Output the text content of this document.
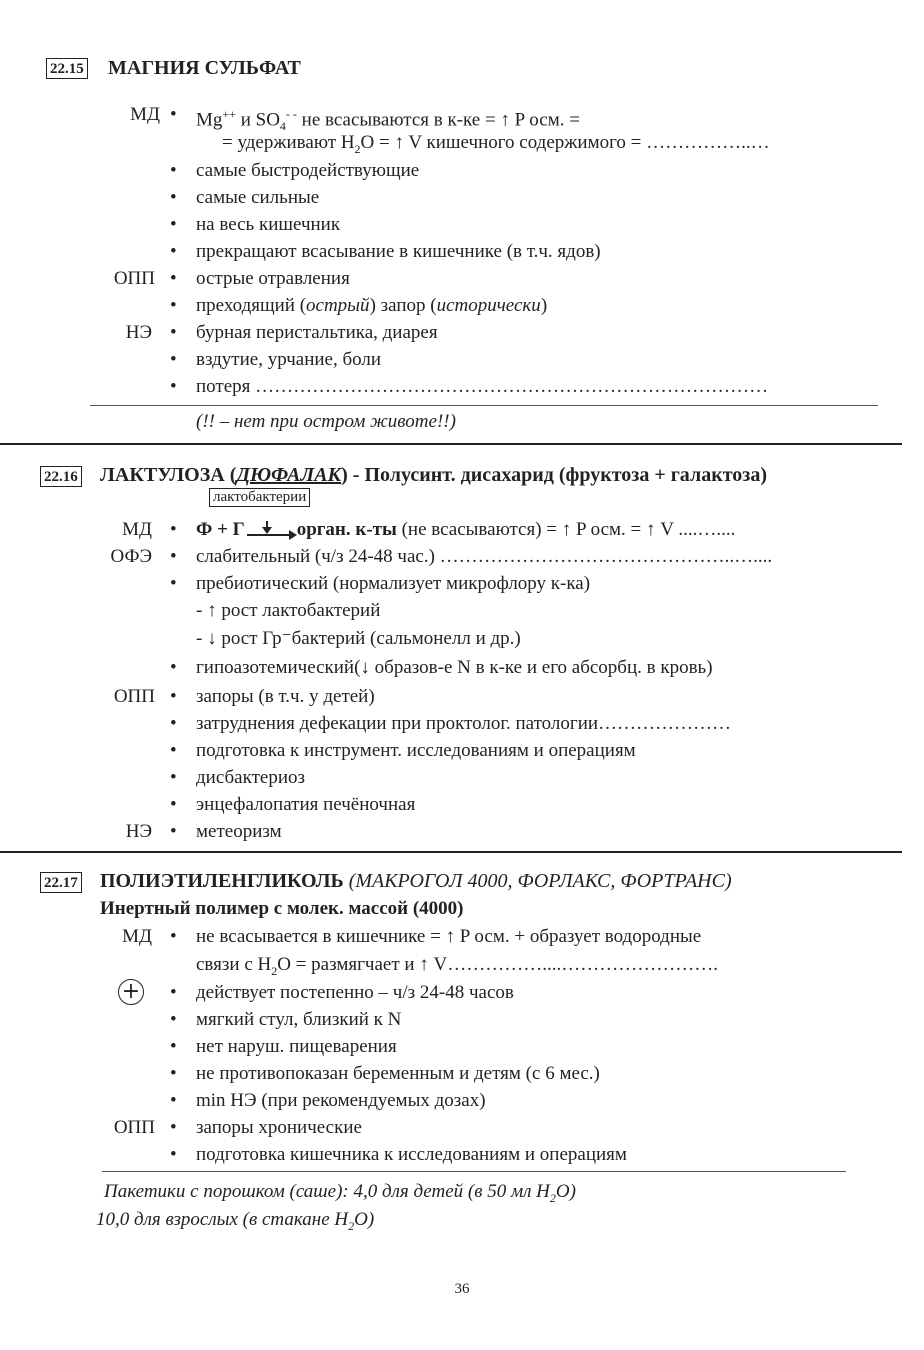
22.15 МАГНИЯ СУЛЬФАТ
МД • Mg++ и $SO_4^{- -}$ не всасываются в к-ке = ↑ P осм. =
= удерживают $H_2O$ = ↑ V кишечного содержимого = ……………..…
• самые быстродействующие
• самые сильные
• на весь кишечник
• прекращают всасывание в кишечнике (в т.ч. ядов)
ОПП • острые отравления
• преходящий (острый) запор (исторически)
НЭ • бурная перистальтика, диарея
• вздутие, урчание, боли
• потеря ………………………………………………………………………
(!! – нет при остром животе!!)
22.16 ЛАКТУЛОЗА (ДЮФАЛАК) - Полусинт. дисахарид (фруктоза + галактоза)
лактобактерии
МД • Ф + Г	орган. к-ты (не всасываются) = ↑ P осм. = ↑ V ....…....
ОФЭ • слабительный (ч/з 24-48 час.) ………………………………………..…....
• пребиотический (нормализует микрофлору к-ка)
- ↑ рост лактобактерий
- ↓ рост Гр⁻бактерий (сальмонелл и др.)
• гипоазотемический(↓ образов-е N в к-ке и его абсорбц. в кровь)
ОПП • запоры (в т.ч. у детей)
• затруднения дефекации при проктолог. патологии…………………
• подготовка к инструмент. исследованиям и операциям
• дисбактериоз
• энцефалопатия печёночная
НЭ • метеоризм
22.17 ПОЛИЭТИЛЕНГЛИКОЛЬ (МАКРОГОЛ 4000, ФОРЛАКС, ФОРТРАНС)
Инертный полимер с молек. массой (4000)
МД • не всасывается в кишечнике = ↑ P осм. + образует водородные
связи с $H_2O$ = размягчает и ↑ V……………....…………………….
+ • действует постепенно – ч/з 24-48 часов
• мягкий стул, близкий к N
• нет наруш. пищеварения
• не противопоказан беременным и детям (с 6 мес.)
• min НЭ (при рекомендуемых дозах)
ОПП • запоры хронические
• подготовка кишечника к исследованиям и операциям
Пакетики с порошком (саше): 4,0 для детей (в 50 мл $H_2O$)
10,0 для взрослых (в стакане $H_2O$)
36
